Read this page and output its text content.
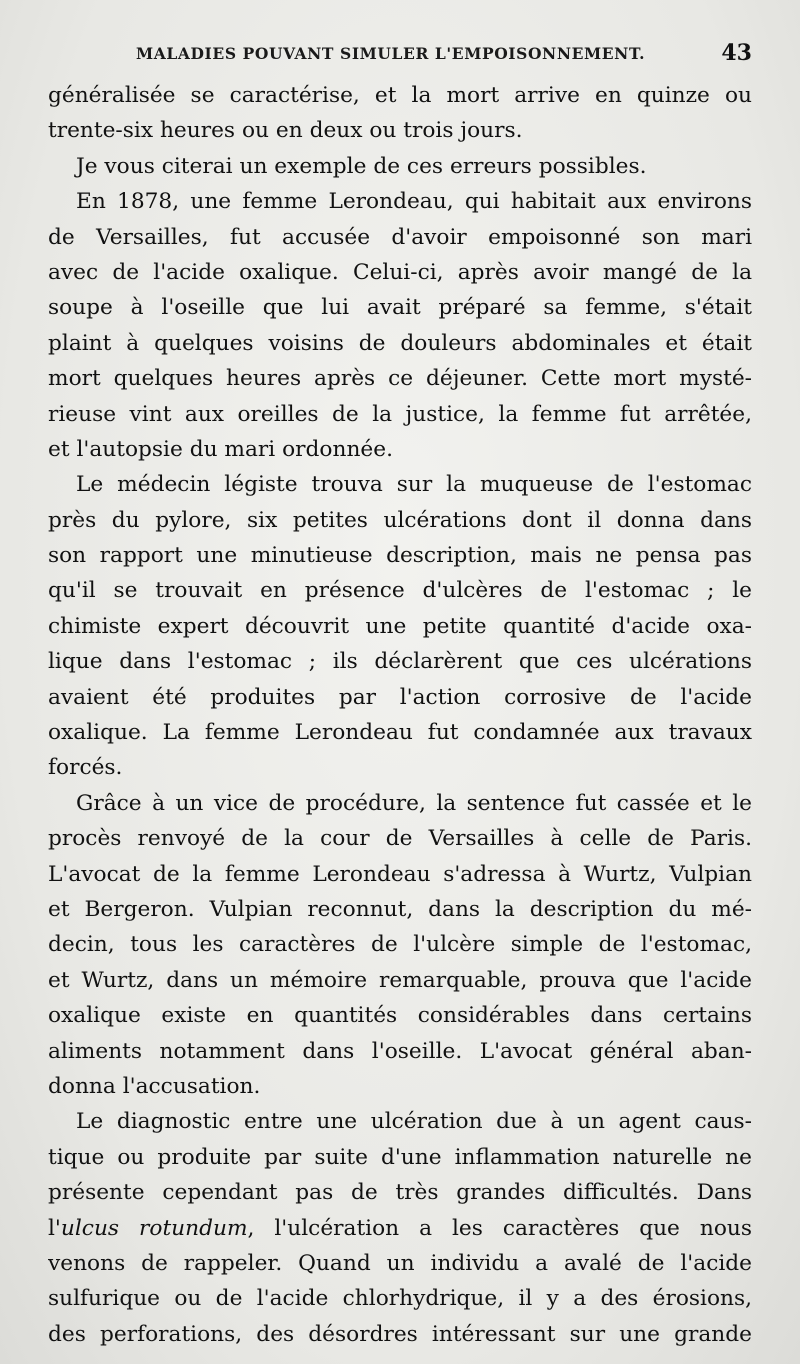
MALADIES POUVANT SIMULER L'EMPOISONNEMENT.	43
généralisée se caractérise, et la mort arrive en quinze ou
trente-six heures ou en deux ou trois jours.
Je vous citerai un exemple de ces erreurs possibles.
En 1878, une femme Lerondeau, qui habitait aux environs
de Versailles, fut accusée d'avoir empoisonné son mari
avec de l'acide oxalique. Celui-ci, après avoir mangé de la
soupe à l'oseille que lui avait préparé sa femme, s'était
plaint à quelques voisins de douleurs abdominales et était
mort quelques heures après ce déjeuner. Cette mort mysté-
rieuse vint aux oreilles de la justice, la femme fut arrêtée,
et l'autopsie du mari ordonnée.
Le médecin légiste trouva sur la muqueuse de l'estomac
près du pylore, six petites ulcérations dont il donna dans
son rapport une minutieuse description, mais ne pensa pas
qu'il se trouvait en présence d'ulcères de l'estomac ; le
chimiste expert découvrit une petite quantité d'acide oxa-
lique dans l'estomac ; ils déclarèrent que ces ulcérations
avaient été produites par l'action corrosive de l'acide
oxalique. La femme Lerondeau fut condamnée aux travaux
forcés.
Grâce à un vice de procédure, la sentence fut cassée et le
procès renvoyé de la cour de Versailles à celle de Paris.
L'avocat de la femme Lerondeau s'adressa à Wurtz, Vulpian
et Bergeron. Vulpian reconnut, dans la description du mé-
decin, tous les caractères de l'ulcère simple de l'estomac,
et Wurtz, dans un mémoire remarquable, prouva que l'acide
oxalique existe en quantités considérables dans certains
aliments notamment dans l'oseille. L'avocat général aban-
donna l'accusation.
Le diagnostic entre une ulcération due à un agent caus-
tique ou produite par suite d'une inflammation naturelle ne
présente cependant pas de très grandes difficultés. Dans
l'ulcus rotundum, l'ulcération a les caractères que nous
venons de rappeler. Quand un individu a avalé de l'acide
sulfurique ou de l'acide chlorhydrique, il y a des érosions,
des perforations, des désordres intéressant sur une grande
